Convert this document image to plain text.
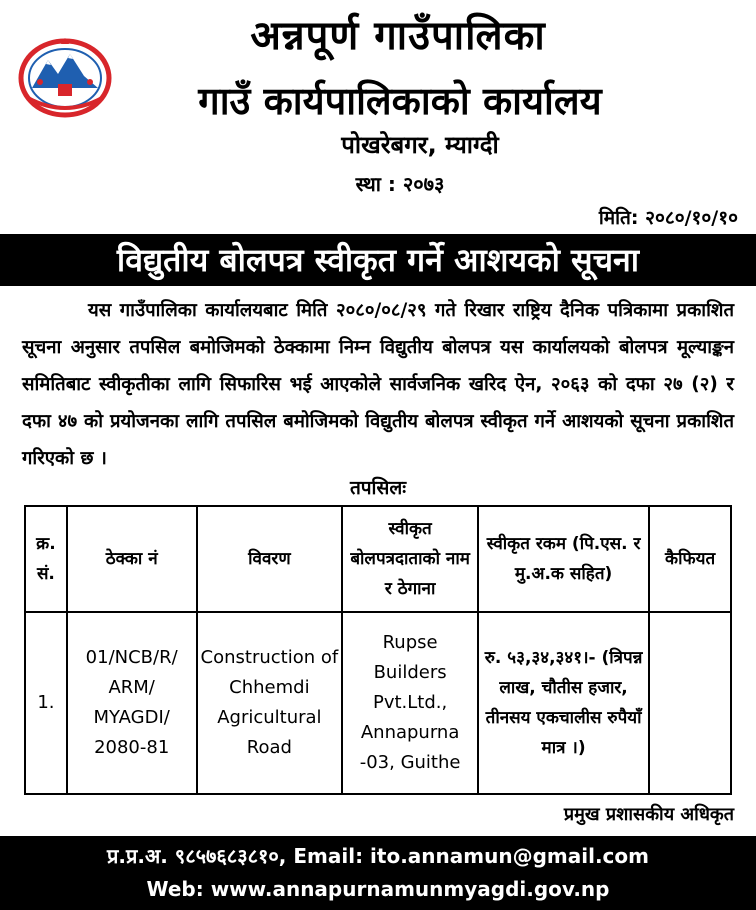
अन्नपूर्ण गाउँपालिका
गाउँ कार्यपालिकाको कार्यालय
पोखरेबगर, म्याग्दी
स्था : २०७३
मिति: २०८०/१०/१०
विद्युतीय बोलपत्र स्वीकृत गर्ने आशयको सूचना
यस गाउँपालिका कार्यालयबाट मिति २०८०/०८/२९ गते रिखार राष्ट्रिय दैनिक पत्रिकामा प्रकाशित सूचना अनुसार तपसिल बमोजिमको ठेक्कामा निम्न विद्युतीय बोलपत्र यस कार्यालयको बोलपत्र मूल्याङ्कन समितिबाट स्वीकृतीका लागि सिफारिस भई आएकोले सार्वजनिक खरिद ऐन, २०६३ को दफा २७ (२) र दफा ४७ को प्रयोजनका लागि तपसिल बमोजिमको विद्युतीय बोलपत्र स्वीकृत गर्ने आशयको सूचना प्रकाशित गरिएको छ ।
तपसिलः
क्र. सं.	ठेक्का नं	विवरण	स्वीकृत बोलपत्रदाताको नाम र ठेगाना	स्वीकृत रकम (पि.एस. र मु.अ.क सहित)	कैफियत
1.	01/NCB/R/ ARM/ MYAGDI/ 2080-81	Construction of Chhemdi Agricultural Road	Rupse Builders Pvt.Ltd., Annapurna -03, Guithe	रु. ५३,३४,३४१।- (त्रिपन्न लाख, चौतीस हजार, तीनसय एकचालीस रुपैयाँ मात्र ।)	
प्रमुख प्रशासकीय अधिकृत
प्र.प्र.अ. ९८५७६८३८१०, Email: ito.annamun@gmail.com
Web: www.annapurnamunmyagdi.gov.np
